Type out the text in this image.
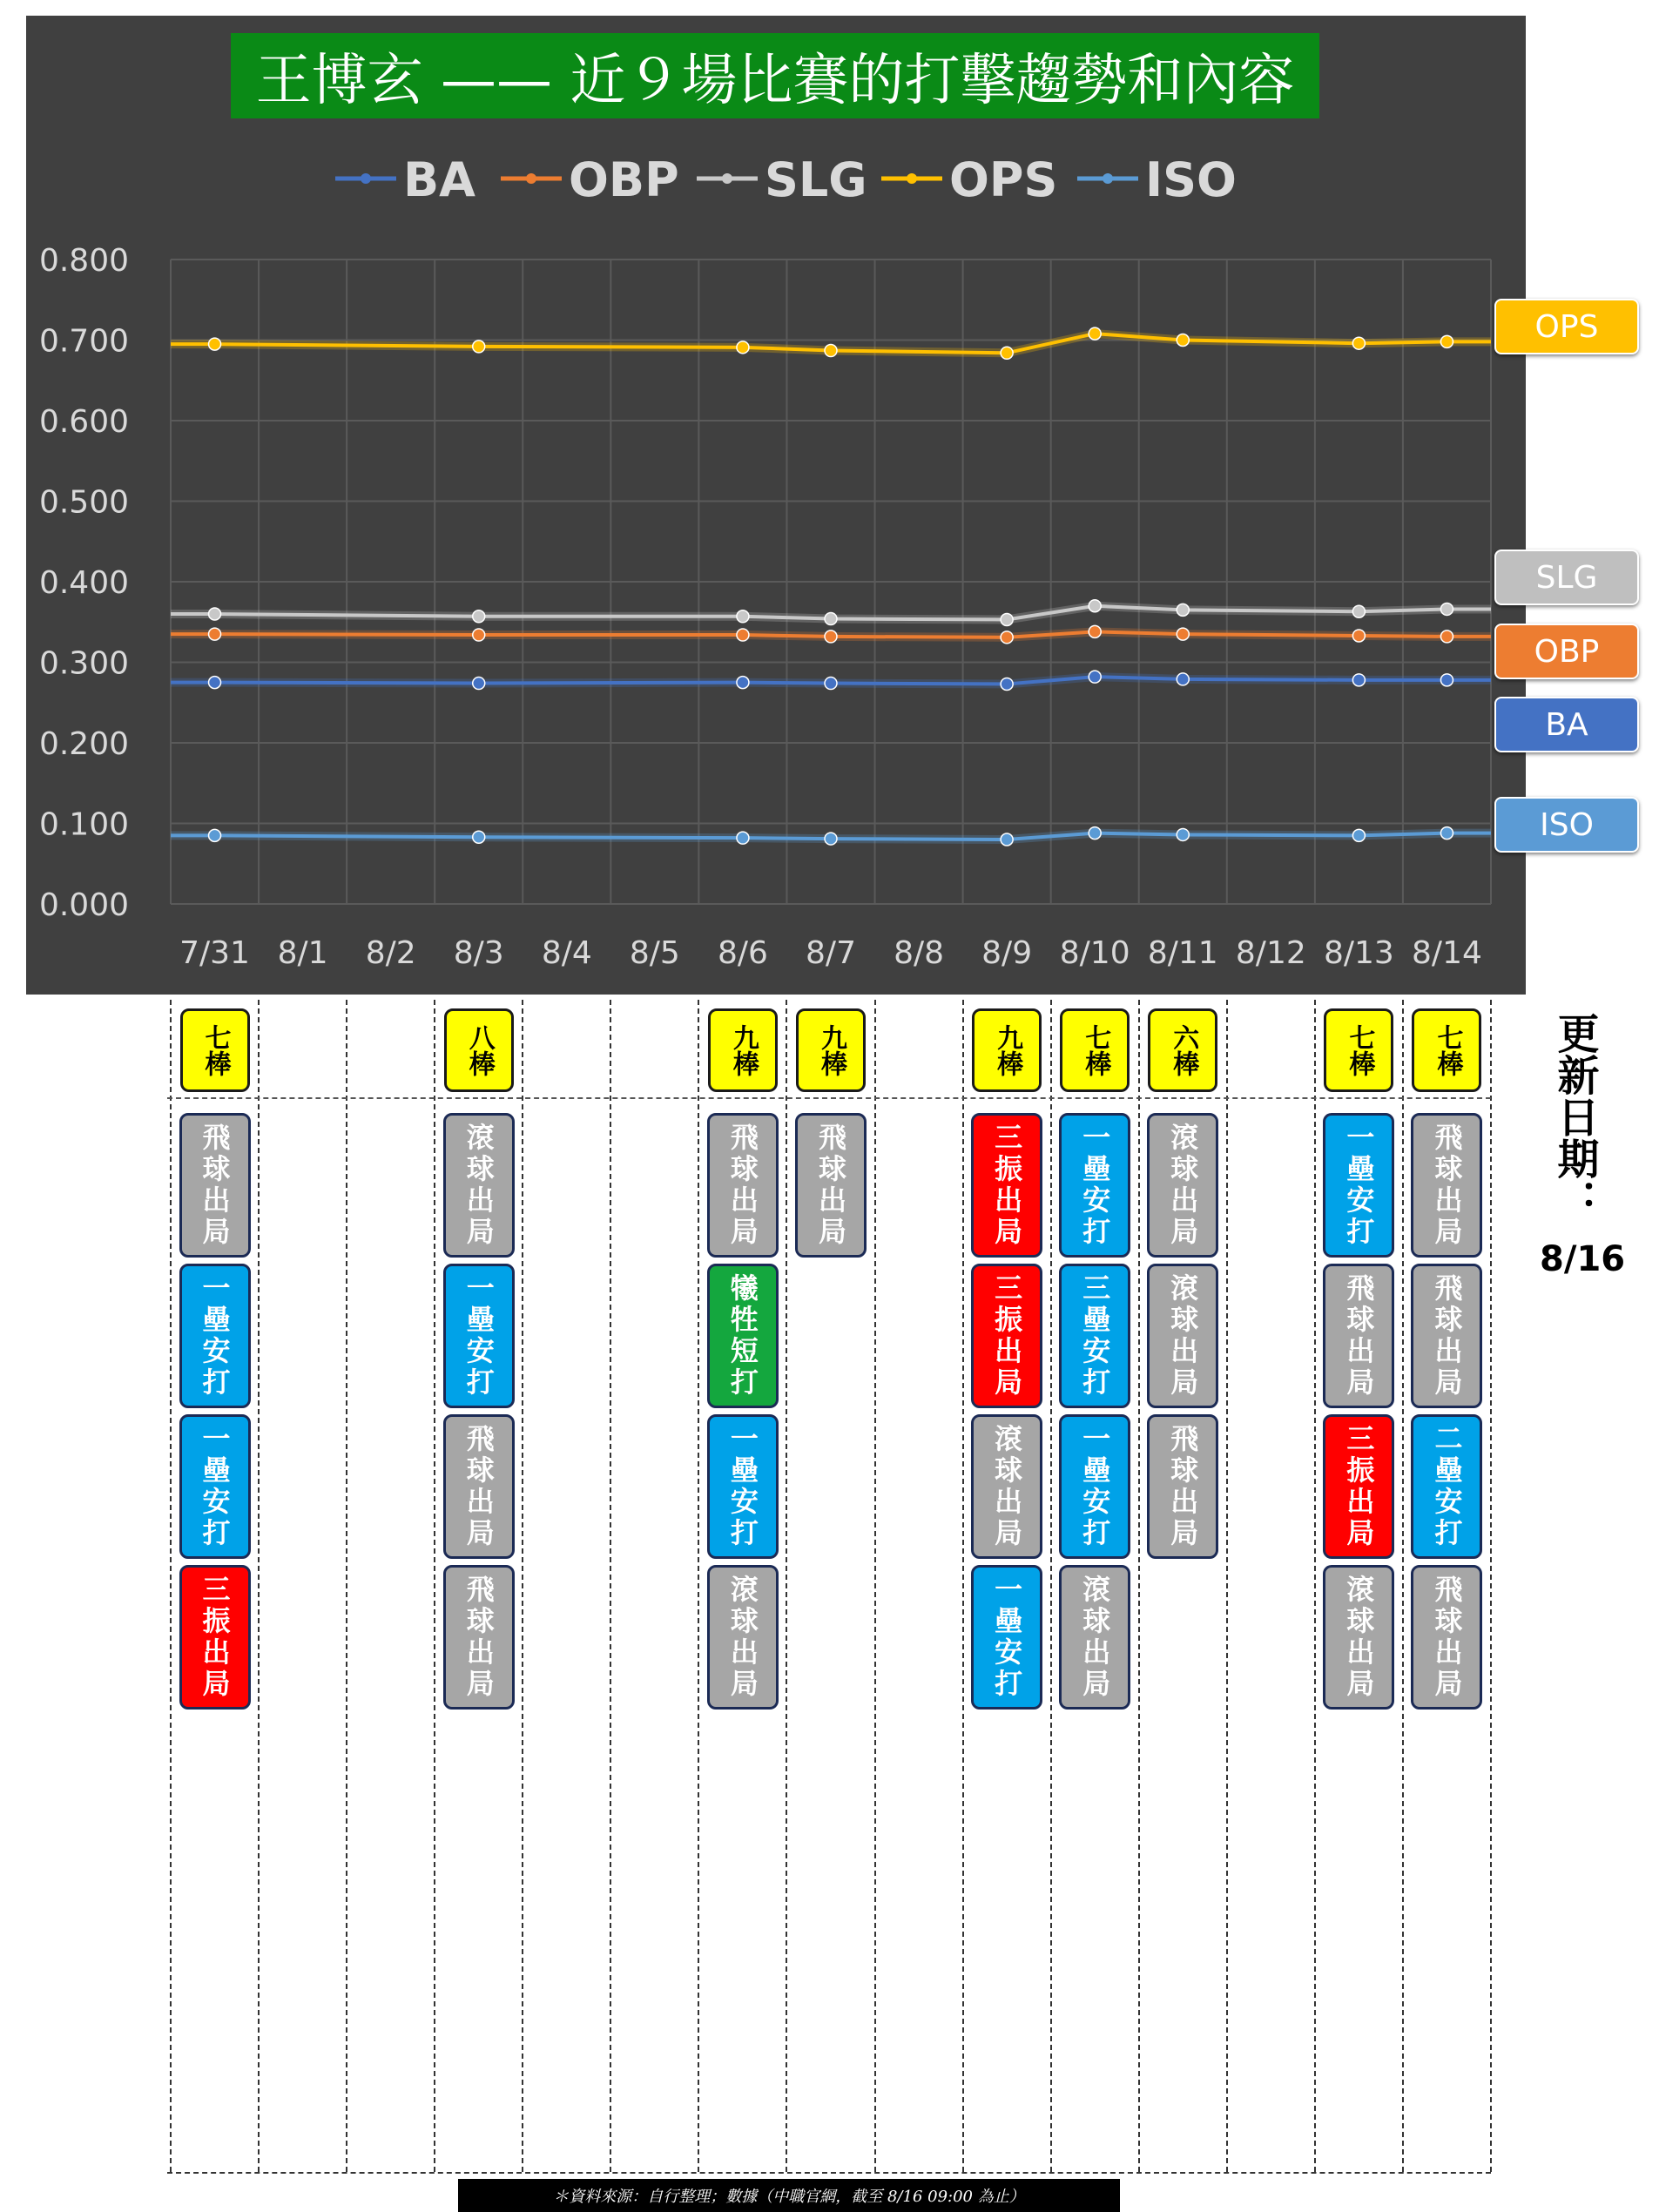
0.800
0.700
0.600
0.500
0.400
0.300
0.200
0.100
0.000
7/31 8/1 8/2 8/3 8/4 8/5 8/6 8/7 8/8 8/9 8/10 8/11 8/12 8/13 8/14
BA OBP SLG OPS ISO
王博玄 —— 近９場比賽的打擊趨勢和內容
OPS
SLG
OBP
BA
ISO
七棒
飛球出局
一壘安打
一壘安打
三振出局
八棒
滾球出局
一壘安打
飛球出局
飛球出局
九棒
飛球出局
犧牲短打
一壘安打
滾球出局
九棒
飛球出局
九棒
三振出局
三振出局
滾球出局
一壘安打
七棒
一壘安打
三壘安打
一壘安打
滾球出局
六棒
滾球出局
滾球出局
飛球出局
七棒
一壘安打
飛球出局
三振出局
滾球出局
七棒
飛球出局
飛球出局
二壘安打
飛球出局
更新日期：
8/16
＊資料來源：自行整理；數據（中職官網，截至 8/16 09:00 為止）
